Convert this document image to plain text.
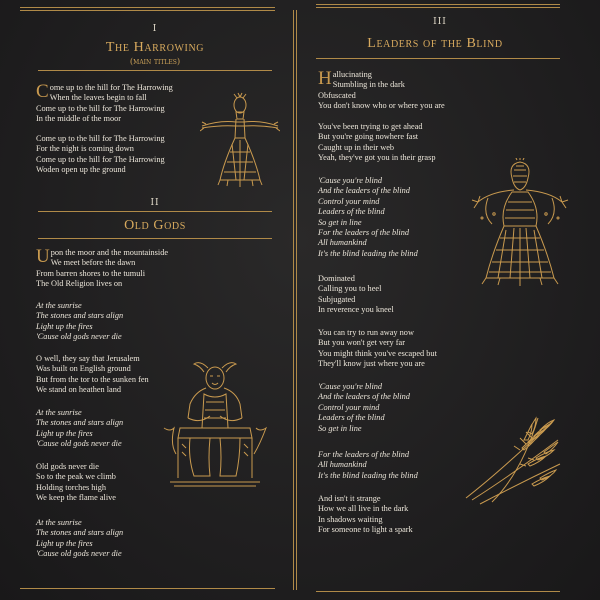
I
The Harrowing
(main titles)
C ome up to the hill for The Harrowing
When the leaves begin to fall
Come up to the hill for The Harrowing
In the middle of the moor
Come up to the hill for The Harrowing
For the night is coming down
Come up to the hill for The Harrowing
Woden open up the ground
II
Old Gods
U pon the moor and the mountainside
We meet before the dawn
From barren shores to the tumuli
The Old Religion lives on
At the sunrise
The stones and stars align
Light up the fires
'Cause old gods never die
O well, they say that Jerusalem
Was built on English ground
But from the tor to the sunken fen
We stand on heathen land
At the sunrise
The stones and stars align
Light up the fires
'Cause old gods never die
Old gods never die
So to the peak we climb
Holding torches high
We keep the flame alive
At the sunrise
The stones and stars align
Light up the fires
'Cause old gods never die
III
Leaders of the Blind
H allucinating
Stumbling in the dark
Obfuscated
You don't know who or where you are
You've been trying to get ahead
But you're going nowhere fast
Caught up in their web
Yeah, they've got you in their grasp
'Cause you're blind
And the leaders of the blind
Control your mind
Leaders of the blind
So get in line
For the leaders of the blind
All humankind
It's the blind leading the blind
Dominated
Calling you to heel
Subjugated
In reverence you kneel
You can try to run away now
But you won't get very far
You might think you've escaped but
They'll know just where you are
'Cause you're blind
And the leaders of the blind
Control your mind
Leaders of the blind
So get in line
For the leaders of the blind
All humankind
It's the blind leading the blind
And isn't it strange
How we all live in the dark
In shadows waiting
For someone to light a spark
